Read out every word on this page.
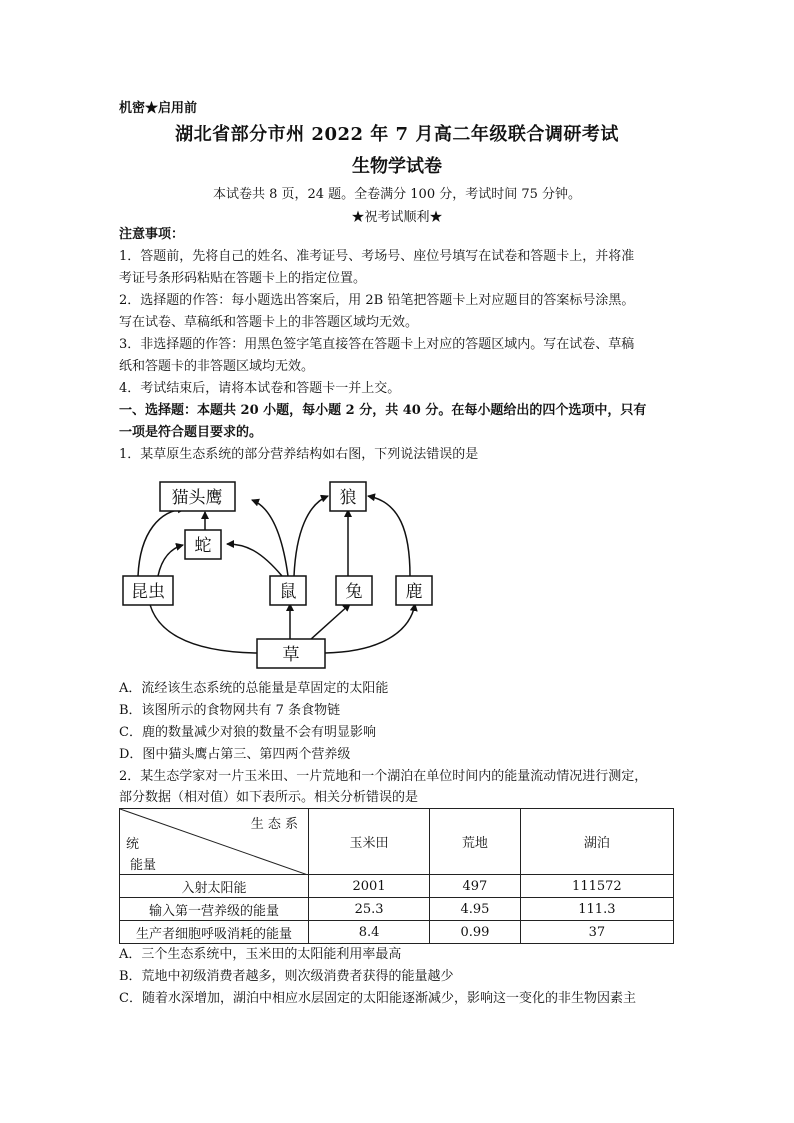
机密★启用前
湖北省部分市州 2022 年 7 月高二年级联合调研考试
生物学试卷
本试卷共 8 页，24 题。全卷满分 100 分，考试时间 75 分钟。
★祝考试顺利★
注意事项：
1．答题前，先将自己的姓名、准考证号、考场号、座位号填写在试卷和答题卡上，并将准
考证号条形码粘贴在答题卡上的指定位置。
2．选择题的作答：每小题选出答案后，用 2B 铅笔把答题卡上对应题目的答案标号涂黑。
写在试卷、草稿纸和答题卡上的非答题区域均无效。
3．非选择题的作答：用黑色签字笔直接答在答题卡上对应的答题区域内。写在试卷、草稿
纸和答题卡的非答题区域均无效。
4．考试结束后，请将本试卷和答题卡一并上交。
一、选择题：本题共 20 小题，每小题 2 分，共 40 分。在每小题给出的四个选项中，只有
一项是符合题目要求的。
1．某草原生态系统的部分营养结构如右图，下列说法错误的是
猫头鹰	狼
蛇
昆虫	鼠	兔	鹿
草
A．流经该生态系统的总能量是草固定的太阳能
B．该图所示的食物网共有 7 条食物链
C．鹿的数量减少对狼的数量不会有明显影响
D．图中猫头鹰占第三、第四两个营养级
2．某生态学家对一片玉米田、一片荒地和一个湖泊在单位时间内的能量流动情况进行测定，
部分数据（相对值）如下表所示。相关分析错误的是
生 态 系
统
能量	玉米田	荒地	湖泊
入射太阳能	2001	497	111572
输入第一营养级的能量	25.3	4.95	111.3
生产者细胞呼吸消耗的能量	8.4	0.99	37
A．三个生态系统中，玉米田的太阳能利用率最高
B．荒地中初级消费者越多，则次级消费者获得的能量越少
C．随着水深增加，湖泊中相应水层固定的太阳能逐渐减少，影响这一变化的非生物因素主
